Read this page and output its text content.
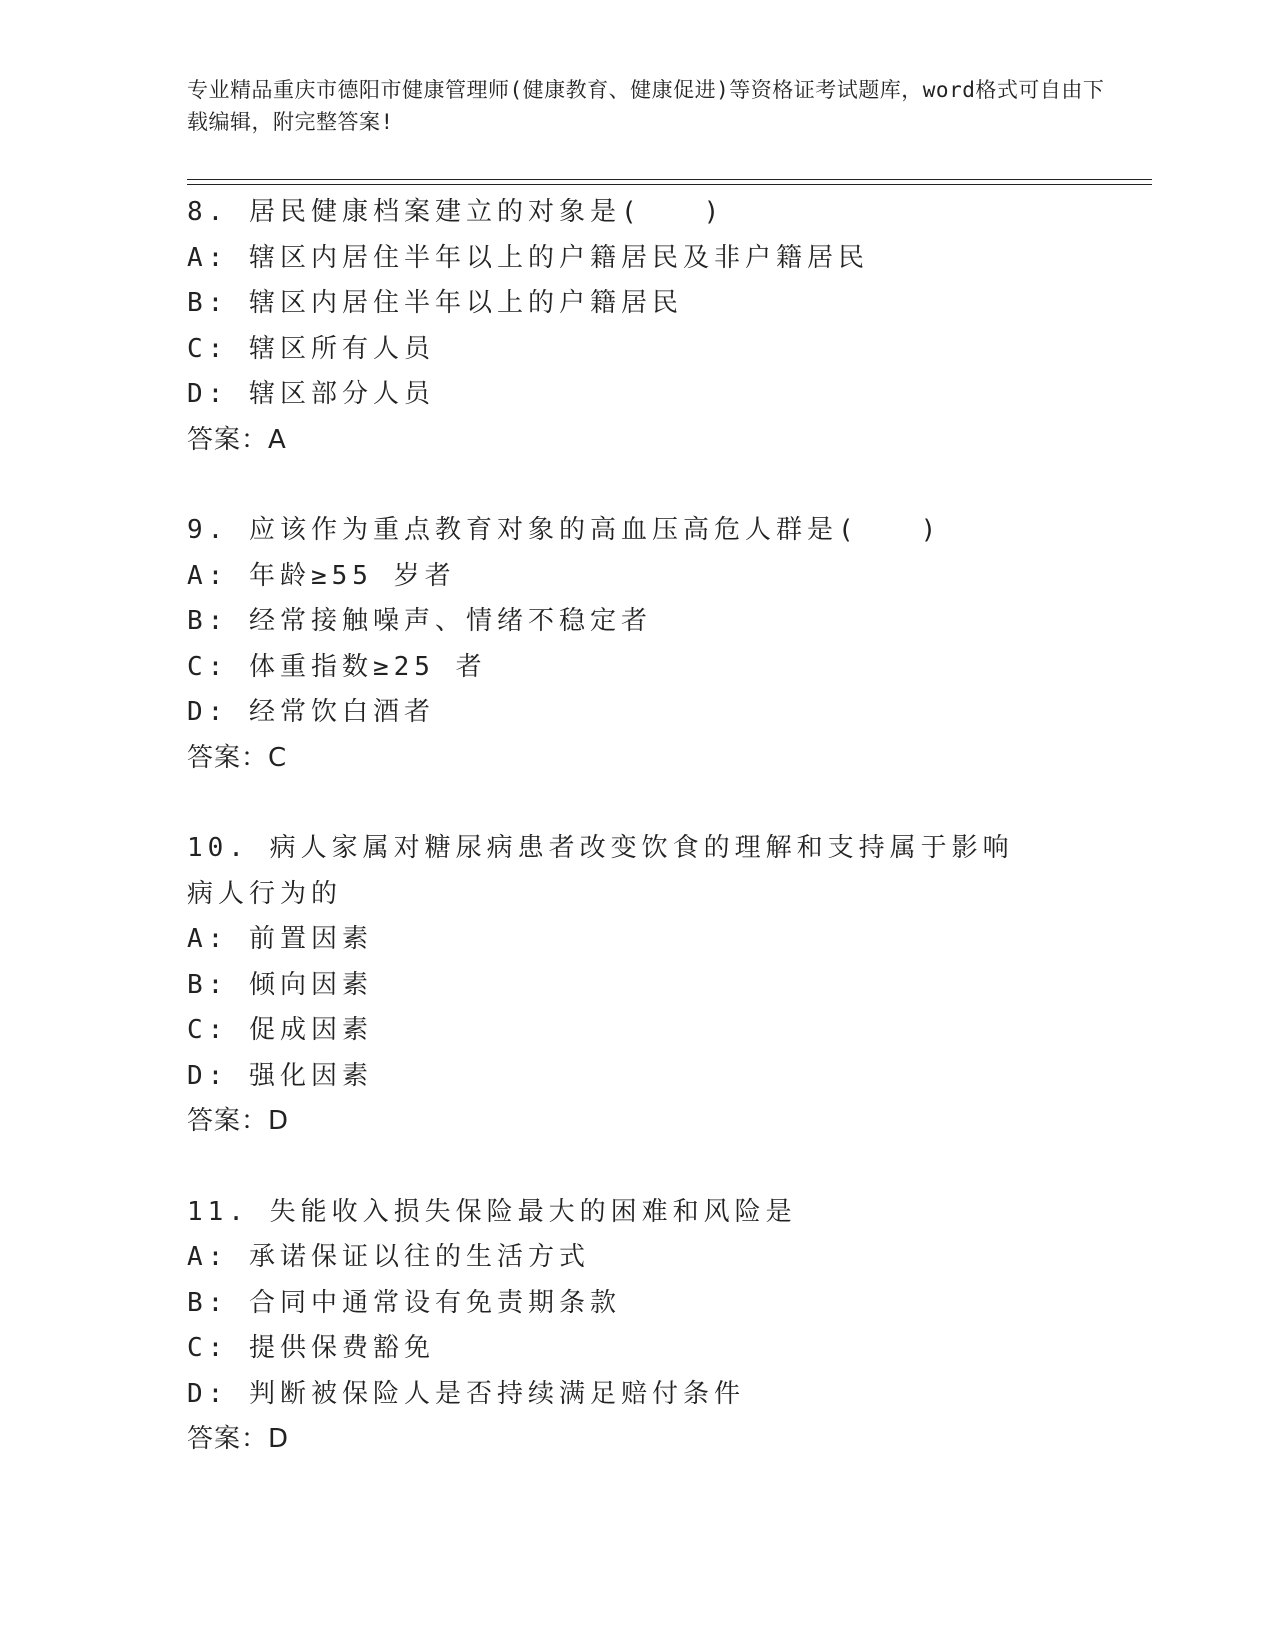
专业精品重庆市德阳市健康管理师(健康教育、健康促进)等资格证考试题库，word格式可自由下载编辑，附完整答案!
8. 居民健康档案建立的对象是(　　)
A: 辖区内居住半年以上的户籍居民及非户籍居民
B: 辖区内居住半年以上的户籍居民
C: 辖区所有人员
D: 辖区部分人员
答案：A
9. 应该作为重点教育对象的高血压高危人群是(　　)
A: 年龄≥55 岁者
B: 经常接触噪声、情绪不稳定者
C: 体重指数≥25 者
D: 经常饮白酒者
答案：C
10. 病人家属对糖尿病患者改变饮食的理解和支持属于影响病人行为的
A: 前置因素
B: 倾向因素
C: 促成因素
D: 强化因素
答案：D
11. 失能收入损失保险最大的困难和风险是
A: 承诺保证以往的生活方式
B: 合同中通常设有免责期条款
C: 提供保费豁免
D: 判断被保险人是否持续满足赔付条件
答案：D
